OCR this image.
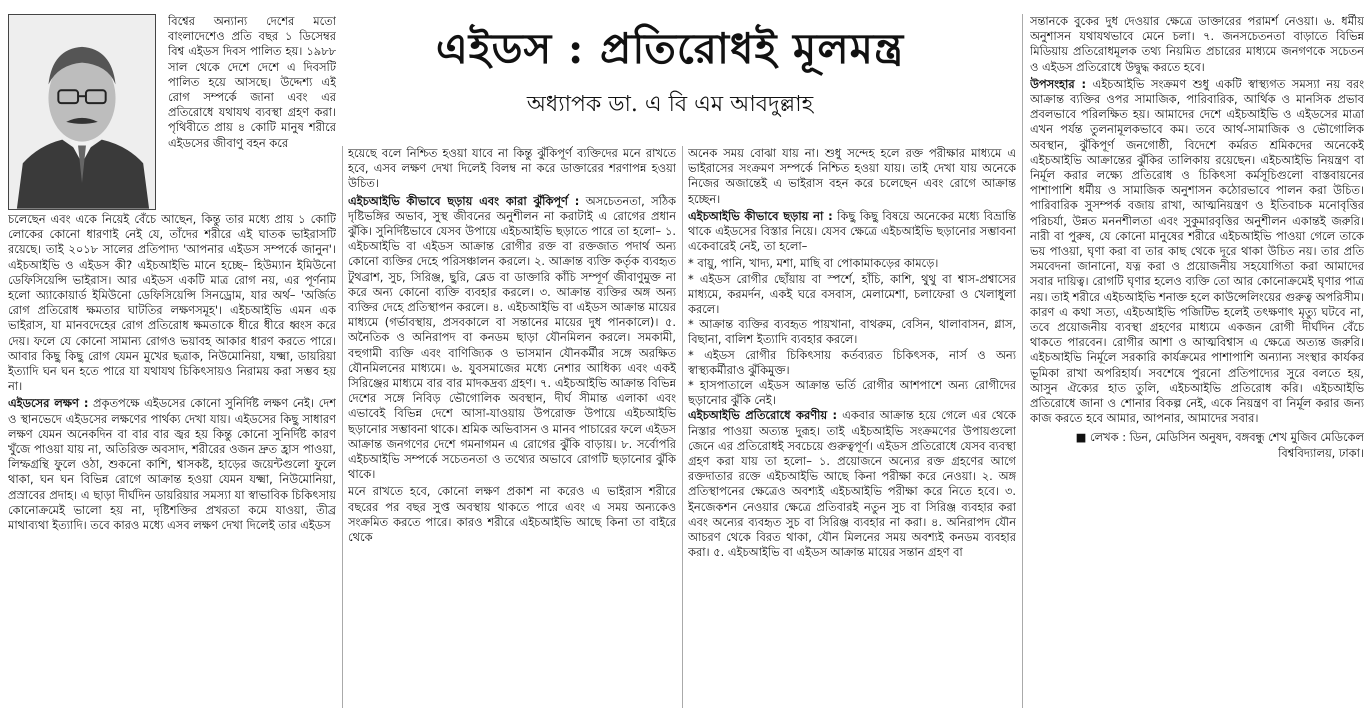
এইডস : প্রতিরোধই মূলমন্ত্র
অধ্যাপক ডা. এ বি এম আবদুল্লাহ

বিশ্বের অন্যান্য দেশের মতো বাংলাদেশেও প্রতি বছর ১ ডিসেম্বর বিশ্ব এইডস দিবস পালিত হয়। ১৯৮৮ সাল থেকে দেশে দেশে এ দিবসটি পালিত হয়ে আসছে। উদ্দেশ্য এই রোগ সম্পর্কে জানা এবং এর প্রতিরোধে যথাযথ ব্যবস্থা গ্রহণ করা। পৃথিবীতে প্রায় ৪ কোটি মানুষ শরীরে এইডসের জীবাণু বহন করে

চলেছেন এবং একে নিয়েই বেঁচে আছেন, কিন্তু তার মধ্যে প্রায় ১ কোটি লোকের কোনো ধারণাই নেই যে, তাঁদের শরীরে এই ঘাতক ভাইরাসটি রয়েছে। তাই ২০১৮ সালের প্রতিপাদ্য 'আপনার এইডস সম্পর্কে জানুন'। এইচআইভি ও এইডস কী? এইচআইভি মানে হচ্ছে– হিউম্যান ইমিউনো ডেফিসিয়েন্সি ভাইরাস। আর এইডস একটি মাত্র রোগ নয়, এর পূর্ণনাম হলো অ্যাকোয়ার্ড ইমিউনো ডেফিসিয়েন্সি সিনড্রোম, যার অর্থ– 'অর্জিত রোগ প্রতিরোধ ক্ষমতার ঘাটতির লক্ষণসমূহ'। এইচআইভি এমন এক ভাইরাস, যা মানবদেহের রোগ প্রতিরোধ ক্ষমতাকে ধীরে ধীরে ধ্বংস করে দেয়। ফলে যে কোনো সামান্য রোগও ভয়াবহ আকার ধারণ করতে পারে। আবার কিছু কিছু রোগ যেমন মুখের ছত্রাক, নিউমোনিয়া, যক্ষ্মা, ডায়রিয়া ইত্যাদি ঘন ঘন হতে পারে যা যথাযথ চিকিৎসায়ও নিরাময় করা সম্ভব হয় না।

এইডসের লক্ষণ : প্রকৃতপক্ষে এইডসের কোনো সুনির্দিষ্ট লক্ষণ নেই। দেশ ও স্থানভেদে এইডসের লক্ষণের পার্থক্য দেখা যায়। এইডসের কিছু সাধারণ লক্ষণ যেমন অনেকদিন বা বার বার জ্বর হয় কিন্তু কোনো সুনির্দিষ্ট কারণ খুঁজে পাওয়া যায় না, অতিরিক্ত অবসাদ, শরীরের ওজন দ্রুত হ্রাস পাওয়া, লিম্ফগ্রন্থি ফুলে ওঠা, শুকনো কাশি, শ্বাসকষ্ট, হাড়ের জয়েন্টগুলো ফুলে থাকা, ঘন ঘন বিভিন্ন রোগে আক্রান্ত হওয়া যেমন যক্ষ্মা, নিউমোনিয়া, প্রস্রাবের প্রদাহ। এ ছাড়া দীর্ঘদিন ডায়রিয়ার সমস্যা যা স্বাভাবিক চিকিৎসায় কোনোক্রমেই ভালো হয় না, দৃষ্টিশক্তির প্রখরতা কমে যাওয়া, তীব্র মাথাব্যথা ইত্যাদি। তবে কারও মধ্যে এসব লক্ষণ দেখা দিলেই তার এইডস

হয়েছে বলে নিশ্চিত হওয়া যাবে না কিন্তু ঝুঁকিপূর্ণ ব্যক্তিদের মনে রাখতে হবে, এসব লক্ষণ দেখা দিলেই বিলম্ব না করে ডাক্তারের শরণাপন্ন হওয়া উচিত।

এইচআইভি কীভাবে ছড়ায় এবং কারা ঝুঁকিপূর্ণ : অসচেতনতা, সঠিক দৃষ্টিভঙ্গির অভাব, সুস্থ জীবনের অনুশীলন না করাটাই এ রোগের প্রধান ঝুঁকি। সুনির্দিষ্টভাবে যেসব উপায়ে এইচআইভি ছড়াতে পারে তা হলো– ১. এইচআইভি বা এইডস আক্রান্ত রোগীর রক্ত বা রক্তজাত পদার্থ অন্য কোনো ব্যক্তির দেহে পরিসঞ্চালন করলে। ২. আক্রান্ত ব্যক্তি কর্তৃক ব্যবহৃত টুথব্রাশ, সুচ, সিরিঞ্জ, ছুরি, ব্লেড বা ডাক্তারি কাঁচি সম্পূর্ণ জীবাণুমুক্ত না করে অন্য কোনো ব্যক্তি ব্যবহার করলে। ৩. আক্রান্ত ব্যক্তির অঙ্গ অন্য ব্যক্তির দেহে প্রতিস্থাপন করলে। ৪. এইচআইভি বা এইডস আক্রান্ত মায়ের মাধ্যমে (গর্ভাবস্থায়, প্রসবকালে বা সন্তানের মায়ের দুধ পানকালে)। ৫. অনৈতিক ও অনিরাপদ বা কনডম ছাড়া যৌনমিলন করলে। সমকামী, বহুগামী ব্যক্তি এবং বাণিজ্যিক ও ভাসমান যৌনকর্মীর সঙ্গে অরক্ষিত যৌনমিলনের মাধ্যমে। ৬. যুবসমাজের মধ্যে নেশার আধিক্য এবং একই সিরিঞ্জের মাধ্যমে বার বার মাদকদ্রব্য গ্রহণ। ৭. এইচআইভি আক্রান্ত বিভিন্ন দেশের সঙ্গে নিবিড় ভৌগোলিক অবস্থান, দীর্ঘ সীমান্ত এলাকা এবং এভাবেই বিভিন্ন দেশে আসা-যাওয়ায় উপরোক্ত উপায়ে এইচআইভি ছড়ানোর সম্ভাবনা থাকে। শ্রমিক অভিবাসন ও মানব পাচারের ফলে এইডস আক্রান্ত জনগণের দেশে গমনাগমন এ রোগের ঝুঁকি বাড়ায়। ৮. সর্বোপরি এইচআইভি সম্পর্কে সচেতনতা ও তথ্যের অভাবে রোগটি ছড়ানোর ঝুঁকি থাকে।

মনে রাখতে হবে, কোনো লক্ষণ প্রকাশ না করেও এ ভাইরাস শরীরে বছরের পর বছর সুপ্ত অবস্থায় থাকতে পারে এবং এ সময় অন্যকেও সংক্রমিত করতে পারে। কারও শরীরে এইচআইভি আছে কিনা তা বাইরে থেকে

অনেক সময় বোঝা যায় না। শুধু সন্দেহ হলে রক্ত পরীক্ষার মাধ্যমে এ ভাইরাসের সংক্রমণ সম্পর্কে নিশ্চিত হওয়া যায়। তাই দেখা যায় অনেকে নিজের অজান্তেই এ ভাইরাস বহন করে চলেছেন এবং রোগে আক্রান্ত হচ্ছেন।

এইচআইভি কীভাবে ছড়ায় না : কিছু কিছু বিষয়ে অনেকের মধ্যে বিভ্রান্তি থাকে এইডসের বিস্তার নিয়ে। যেসব ক্ষেত্রে এইচআইভি ছড়ানোর সম্ভাবনা একেবারেই নেই, তা হলো–

* বায়ু, পানি, খাদ্য, মশা, মাছি বা পোকামাকড়ের কামড়ে।

* এইডস রোগীর ছোঁয়ায় বা স্পর্শে, হাঁচি, কাশি, থুথু বা শ্বাস-প্রশ্বাসের মাধ্যমে, করমর্দন, একই ঘরে বসবাস, মেলামেশা, চলাফেরা ও খেলাধুলা করলে।

* আক্রান্ত ব্যক্তির ব্যবহৃত পায়খানা, বাথরুম, বেসিন, থালাবাসন, গ্লাস, বিছানা, বালিশ ইত্যাদি ব্যবহার করলে।

* এইডস রোগীর চিকিৎসায় কর্তব্যরত চিকিৎসক, নার্স ও অন্য স্বাস্থ্যকর্মীরাও ঝুঁকিমুক্ত।

* হাসপাতালে এইডস আক্রান্ত ভর্তি রোগীর আশপাশে অন্য রোগীদের ছড়ানোর ঝুঁকি নেই।

এইচআইভি প্রতিরোধে করণীয় : একবার আক্রান্ত হয়ে গেলে এর থেকে নিস্তার পাওয়া অত্যন্ত দুরূহ। তাই এইচআইভি সংক্রমণের উপায়গুলো জেনে এর প্রতিরোধই সবচেয়ে গুরুত্বপূর্ণ। এইডস প্রতিরোধে যেসব ব্যবস্থা গ্রহণ করা যায় তা হলো– ১. প্রয়োজনে অন্যের রক্ত গ্রহণের আগে রক্তদাতার রক্তে এইচআইভি আছে কিনা পরীক্ষা করে নেওয়া। ২. অঙ্গ প্রতিস্থাপনের ক্ষেত্রেও অবশ্যই এইচআইভি পরীক্ষা করে নিতে হবে। ৩. ইনজেকশন নেওয়ার ক্ষেত্রে প্রতিবারই নতুন সুচ বা সিরিঞ্জ ব্যবহার করা এবং অন্যের ব্যবহৃত সুচ বা সিরিঞ্জ ব্যবহার না করা। ৪. অনিরাপদ যৌন আচরণ থেকে বিরত থাকা, যৌন মিলনের সময় অবশ্যই কনডম ব্যবহার করা। ৫. এইচআইভি বা এইডস আক্রান্ত মায়ের সন্তান গ্রহণ বা

সন্তানকে বুকের দুধ দেওয়ার ক্ষেত্রে ডাক্তারের পরামর্শ নেওয়া। ৬. ধর্মীয় অনুশাসন যথাযথভাবে মেনে চলা। ৭. জনসচেতনতা বাড়াতে বিভিন্ন মিডিয়ায় প্রতিরোধমূলক তথ্য নিয়মিত প্রচারের মাধ্যমে জনগণকে সচেতন ও এইডস প্রতিরোধে উদ্বুদ্ধ করতে হবে।

উপসংহার : এইচআইভি সংক্রমণ শুধু একটি স্বাস্থ্যগত সমস্যা নয় বরং আক্রান্ত ব্যক্তির ওপর সামাজিক, পারিবারিক, আর্থিক ও মানসিক প্রভাব প্রবলভাবে পরিলক্ষিত হয়। আমাদের দেশে এইচআইভি ও এইডসের মাত্রা এখন পর্যন্ত তুলনামূলকভাবে কম। তবে আর্থ-সামাজিক ও ভৌগোলিক অবস্থান, ঝুঁকিপূর্ণ জনগোষ্ঠী, বিদেশে কর্মরত শ্রমিকদের অনেকেই এইচআইভি আক্রান্তের ঝুঁকির তালিকায় রয়েছেন। এইচআইভি নিয়ন্ত্রণ বা নির্মূল করার লক্ষ্যে প্রতিরোধ ও চিকিৎসা কর্মসূচিগুলো বাস্তবায়নের পাশাপাশি ধর্মীয় ও সামাজিক অনুশাসন কঠোরভাবে পালন করা উচিত। পারিবারিক সুসম্পর্ক বজায় রাখা, আত্মনিয়ন্ত্রণ ও ইতিবাচক মনোবৃত্তির পরিচর্যা, উন্নত মননশীলতা এবং সুকুমারবৃত্তির অনুশীলন একান্তই জরুরি। নারী বা পুরুষ, যে কোনো মানুষের শরীরে এইচআইভি পাওয়া গেলে তাকে ভয় পাওয়া, ঘৃণা করা বা তার কাছ থেকে দূরে থাকা উচিত নয়। তার প্রতি সমবেদনা জানানো, যত্ন করা ও প্রয়োজনীয় সহযোগিতা করা আমাদের সবার দায়িত্ব। রোগটি ঘৃণার হলেও ব্যক্তি তো আর কোনোক্রমেই ঘৃণার পাত্র নয়। তাই শরীরে এইচআইভি শনাক্ত হলে কাউন্সেলিংয়ের গুরুত্ব অপরিসীম। কারণ এ কথা সত্য, এইচআইভি পজিটিভ হলেই তৎক্ষণাৎ মৃত্যু ঘটবে না, তবে প্রয়োজনীয় ব্যবস্থা গ্রহণের মাধ্যমে একজন রোগী দীর্ঘদিন বেঁচে থাকতে পারবেন। রোগীর আশা ও আত্মবিশ্বাস এ ক্ষেত্রে অত্যন্ত জরুরি। এইচআইভি নির্মূলে সরকারি কার্যক্রমের পাশাপাশি অন্যান্য সংস্থার কার্যকর ভূমিকা রাখা অপরিহার্য। সবশেষে পুরনো প্রতিপাদ্যের সুরে বলতে হয়, আসুন ঐক্যের হাত তুলি, এইচআইভি প্রতিরোধ করি। এইচআইভি প্রতিরোধে জানা ও শোনার বিকল্প নেই, একে নিয়ন্ত্রণ বা নির্মূল করার জন্য কাজ করতে হবে আমার, আপনার, আমাদের সবার।

■ লেখক : ডিন, মেডিসিন অনুষদ, বঙ্গবন্ধু শেখ মুজিব মেডিকেল বিশ্ববিদ্যালয়, ঢাকা।
